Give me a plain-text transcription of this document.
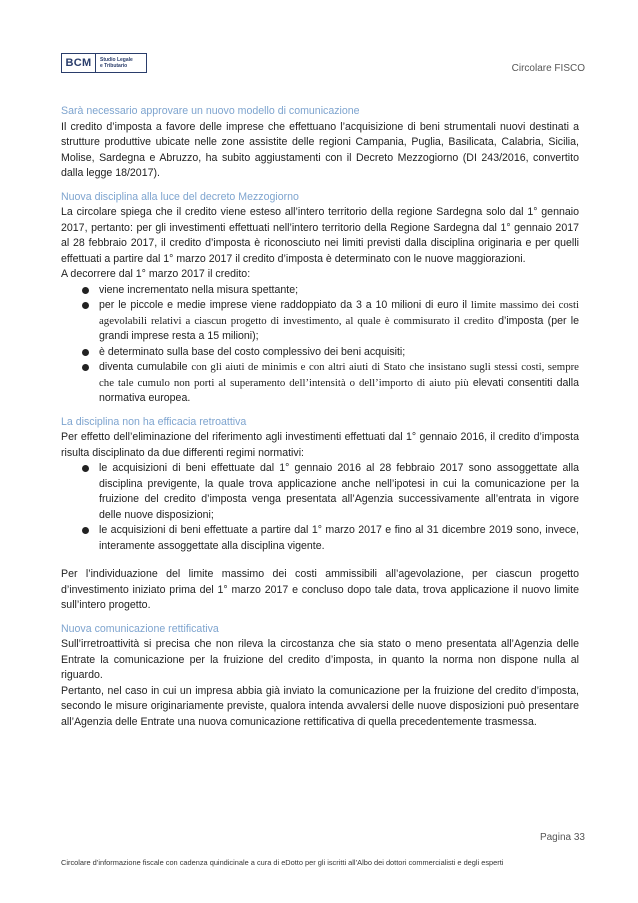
BCM	Studio Legale
e Tributario	Circolare FISCO

Sarà necessario approvare un nuovo modello di comunicazione

Il credito d’imposta a favore delle imprese che effettuano l’acquisizione di beni strumentali nuovi destinati a strutture produttive ubicate nelle zone assistite delle regioni Campania, Puglia, Basilicata, Calabria, Sicilia, Molise, Sardegna e Abruzzo, ha subito aggiustamenti con il Decreto Mezzogiorno (DI 243/2016, convertito dalla legge 18/2017).

Nuova disciplina alla luce del decreto Mezzogiorno

La circolare spiega che il credito viene esteso all’intero territorio della regione Sardegna solo dal 1° gennaio 2017, pertanto: per gli investimenti effettuati nell’intero territorio della Regione Sardegna dal 1° gennaio 2017 al 28 febbraio 2017, il credito d’imposta è riconosciuto nei limiti previsti dalla disciplina originaria e per quelli effettuati a partire dal 1° marzo 2017 il credito d’imposta è determinato con le nuove maggiorazioni.

A decorrere dal 1° marzo 2017 il credito:

viene incrementato nella misura spettante;
per le piccole e medie imprese viene raddoppiato da 3 a 10 milioni di euro il limite massimo dei costi agevolabili relativi a ciascun progetto di investimento, al quale è commisurato il credito d’imposta (per le grandi imprese resta a 15 milioni);
è determinato sulla base del costo complessivo dei beni acquisiti;
diventa cumulabile con gli aiuti de minimis e con altri aiuti di Stato che insistano sugli stessi costi, sempre che tale cumulo non porti al superamento dell’intensità o dell’importo di aiuto più elevati consentiti dalla normativa europea.

La disciplina non ha efficacia retroattiva

Per effetto dell’eliminazione del riferimento agli investimenti effettuati dal 1° gennaio 2016, il credito d’imposta risulta disciplinato da due differenti regimi normativi:

le acquisizioni di beni effettuate dal 1° gennaio 2016 al 28 febbraio 2017 sono assoggettate alla disciplina previgente, la quale trova applicazione anche nell’ipotesi in cui la comunicazione per la fruizione del credito d’imposta venga presentata all’Agenzia successivamente all’entrata in vigore delle nuove disposizioni;
le acquisizioni di beni effettuate a partire dal 1° marzo 2017 e fino al 31 dicembre 2019 sono, invece, interamente assoggettate alla disciplina vigente.

Per l’individuazione del limite massimo dei costi ammissibili all’agevolazione, per ciascun progetto d’investimento iniziato prima del 1° marzo 2017 e concluso dopo tale data, trova applicazione il nuovo limite sull’intero progetto.

Nuova comunicazione rettificativa

Sull’irretroattività si precisa che non rileva la circostanza che sia stato o meno presentata all’Agenzia delle Entrate la comunicazione per la fruizione del credito d’imposta, in quanto la norma non dispone nulla al riguardo.

Pertanto, nel caso in cui un impresa abbia già inviato la comunicazione per la fruizione del credito d’imposta, secondo le misure originariamente previste, qualora intenda avvalersi delle nuove disposizioni può presentare all’Agenzia delle Entrate una nuova comunicazione rettificativa di quella precedentemente trasmessa.

Pagina 33
Circolare d’informazione fiscale con cadenza quindicinale a cura di eDotto per gli iscritti all’Albo dei dottori commercialisti e degli esperti
